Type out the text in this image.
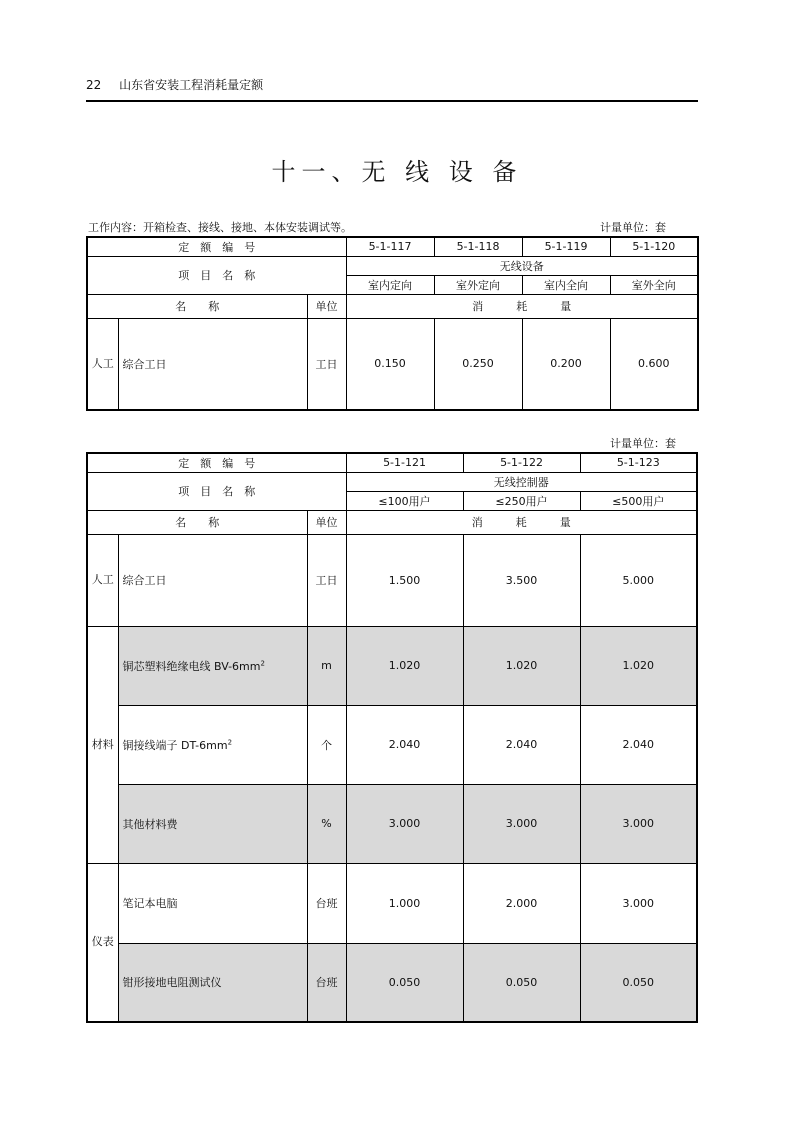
22 山东省安装工程消耗量定额
十一、无 线 设 备
工作内容：开箱检查、接线、接地、本体安装调试等。	计量单位：套
定　额　编　号			5-1-117	5-1-118	5-1-119	5-1-120
项　目　名　称			无线设备			
			室内定向	室外定向	室内全向	室外全向
名　　称		单位	消　　　耗　　　量			
人工	综合工日	工日	0.150	0.250	0.200	0.600
计量单位：套
定　额　编　号			5-1-121	5-1-122	5-1-123
项　目　名　称			无线控制器		
			≤100用户	≤250用户	≤500用户
名　　称		单位	消　　　耗　　　量		
人工	综合工日	工日	1.500	3.500	5.000
材料	铜芯塑料绝缘电线 $BV-6mm^2$	m	1.020	1.020	1.020
	铜接线端子 $DT-6mm^2$	个	2.040	2.040	2.040
	其他材料费	%	3.000	3.000	3.000
仪表	笔记本电脑	台班	1.000	2.000	3.000
	钳形接地电阻测试仪	台班	0.050	0.050	0.050
